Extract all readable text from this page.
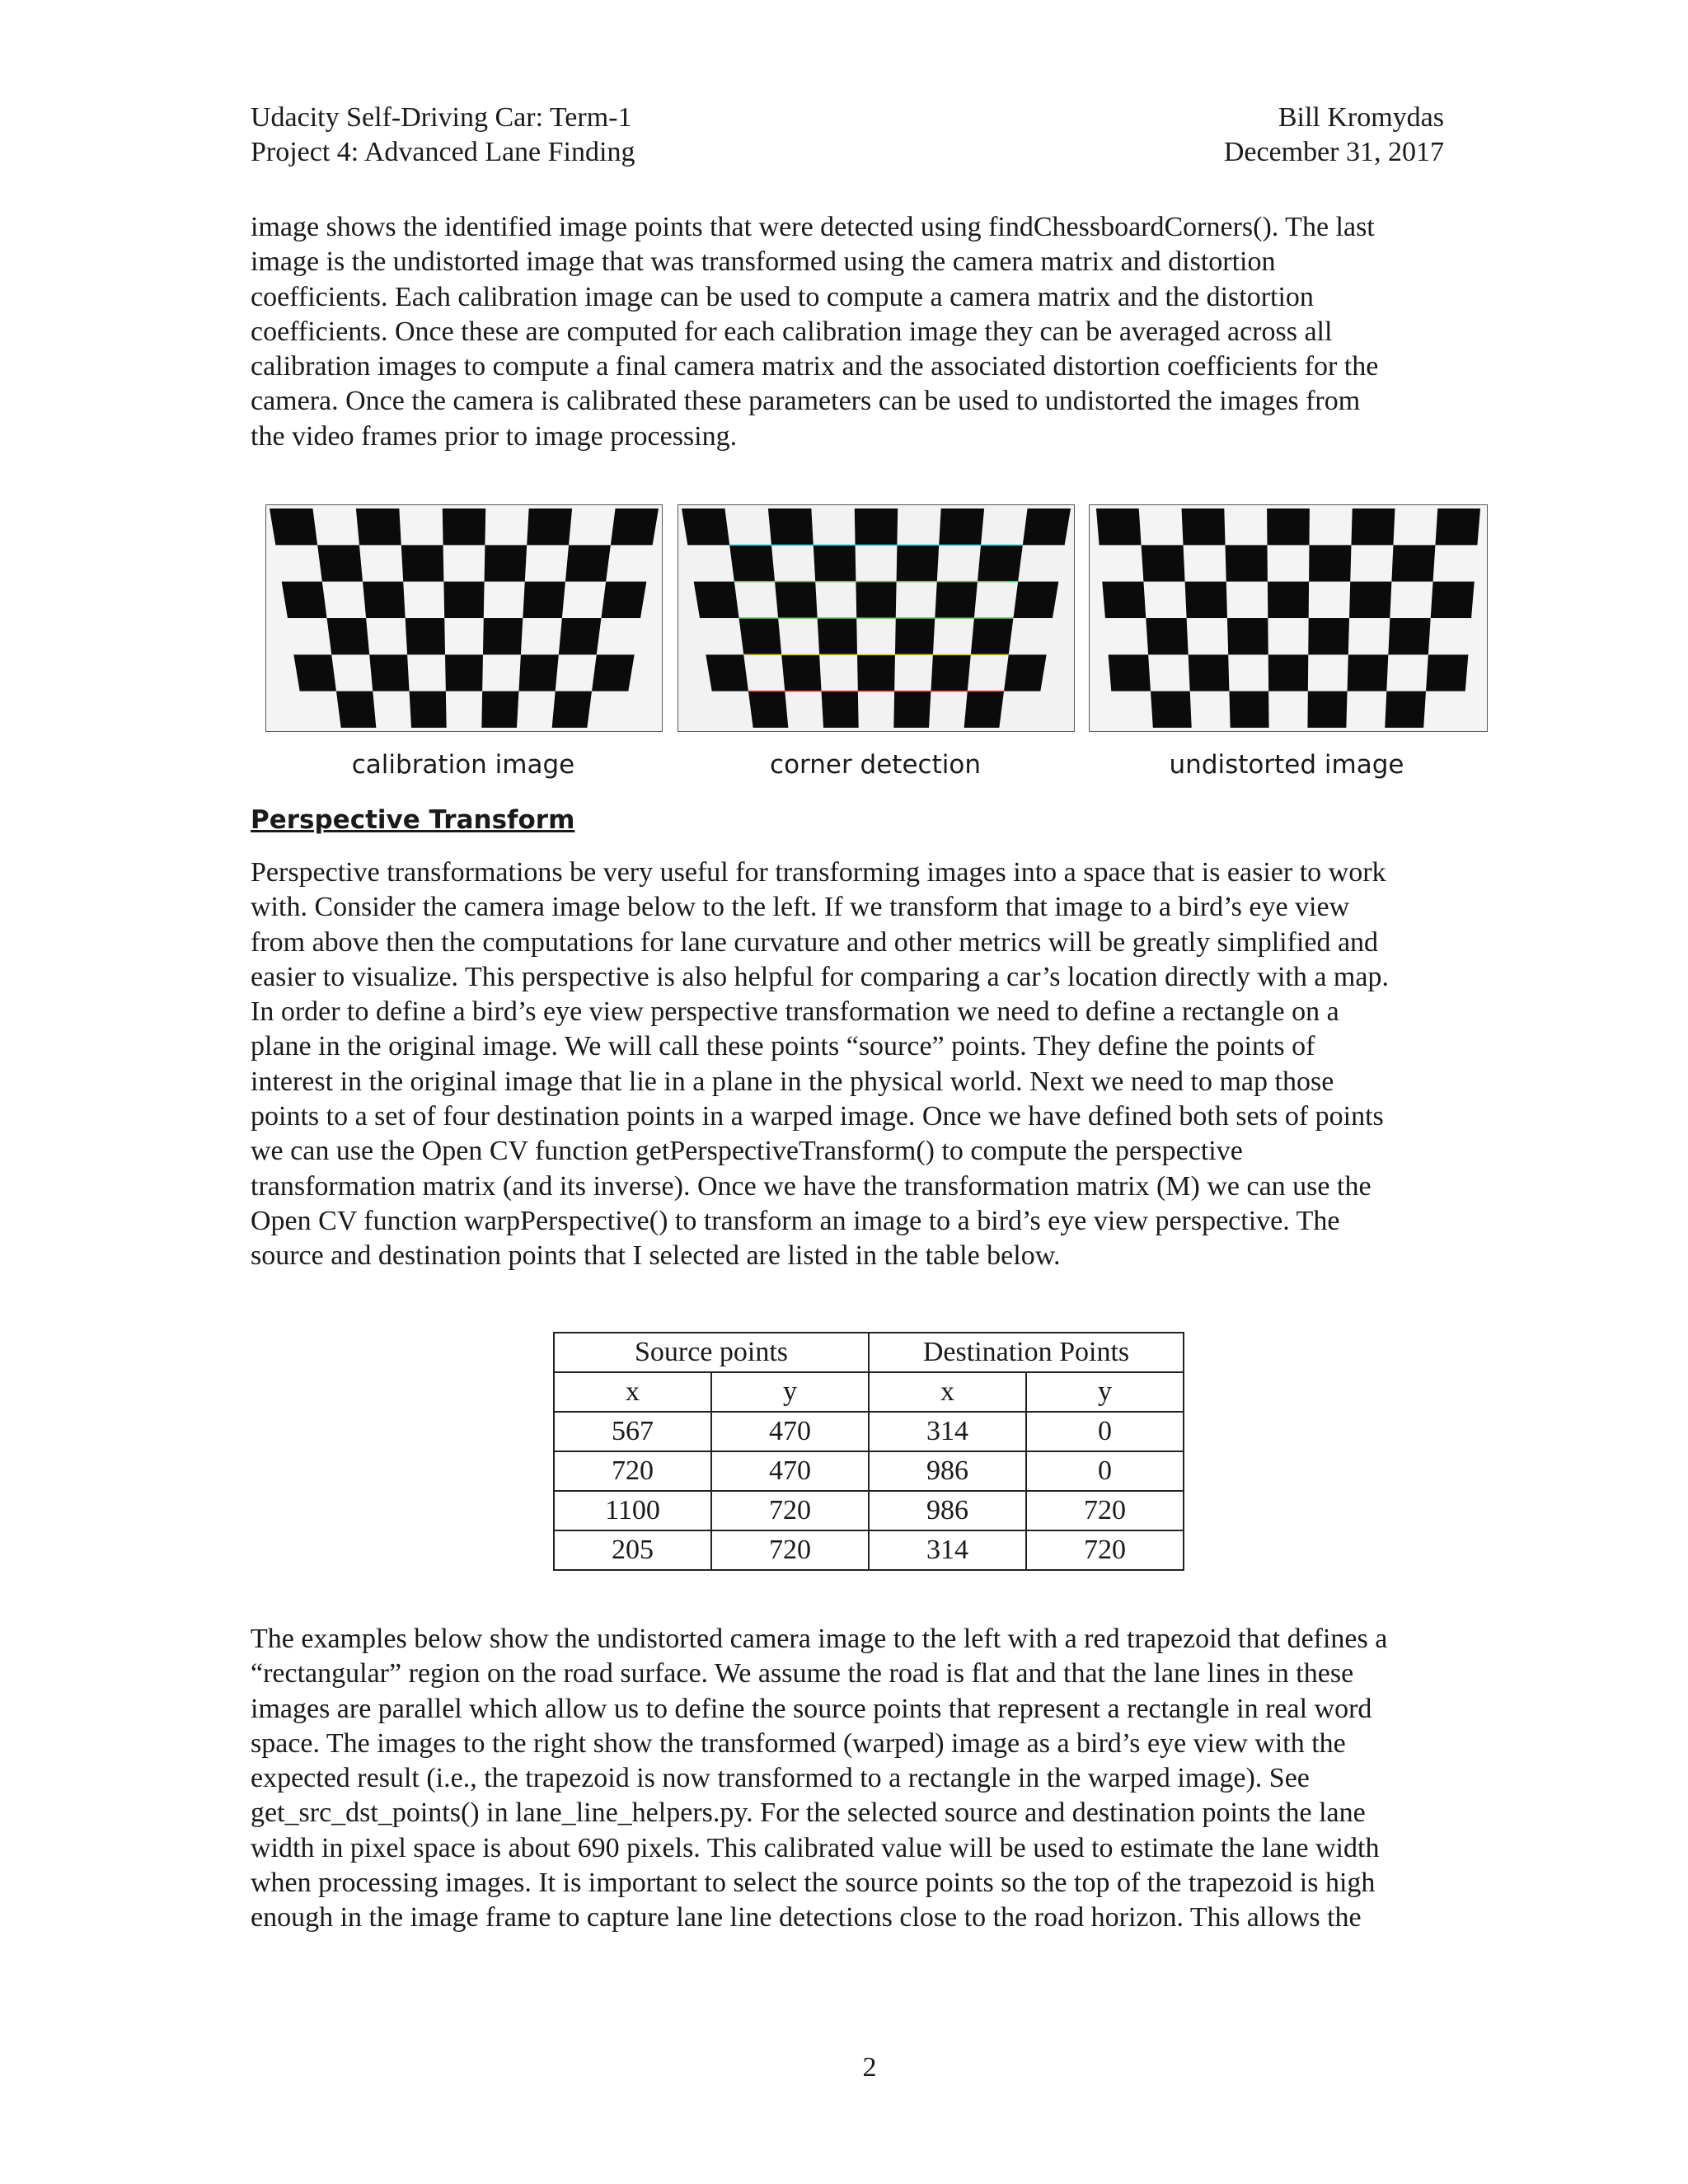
Udacity Self-Driving Car: Term-1
Project 4: Advanced Lane Finding
Bill Kromydas
December 31, 2017

image shows the identified image points that were detected using findChessboardCorners(). The last
image is the undistorted image that was transformed using the camera matrix and distortion
coefficients. Each calibration image can be used to compute a camera matrix and the distortion
coefficients. Once these are computed for each calibration image they can be averaged across all
calibration images to compute a final camera matrix and the associated distortion coefficients for the
camera. Once the camera is calibrated these parameters can be used to undistorted the images from
the video frames prior to image processing.

calibration image	corner detection	undistorted image
Perspective Transform

Perspective transformations be very useful for transforming images into a space that is easier to work
with. Consider the camera image below to the left. If we transform that image to a bird’s eye view
from above then the computations for lane curvature and other metrics will be greatly simplified and
easier to visualize. This perspective is also helpful for comparing a car’s location directly with a map.
In order to define a bird’s eye view perspective transformation we need to define a rectangle on a
plane in the original image. We will call these points “source” points. They define the points of
interest in the original image that lie in a plane in the physical world. Next we need to map those
points to a set of four destination points in a warped image. Once we have defined both sets of points
we can use the Open CV function getPerspectiveTransform() to compute the perspective
transformation matrix (and its inverse). Once we have the transformation matrix (M) we can use the
Open CV function warpPerspective() to transform an image to a bird’s eye view perspective. The
source and destination points that I selected are listed in the table below.

Source points		Destination Points	
x	y	x	y
567	470	314	0
720	470	986	0
1100	720	986	720
205	720	314	720

The examples below show the undistorted camera image to the left with a red trapezoid that defines a
“rectangular” region on the road surface. We assume the road is flat and that the lane lines in these
images are parallel which allow us to define the source points that represent a rectangle in real word
space. The images to the right show the transformed (warped) image as a bird’s eye view with the
expected result (i.e., the trapezoid is now transformed to a rectangle in the warped image). See
get_src_dst_points() in lane_line_helpers.py. For the selected source and destination points the lane
width in pixel space is about 690 pixels. This calibrated value will be used to estimate the lane width
when processing images. It is important to select the source points so the top of the trapezoid is high
enough in the image frame to capture lane line detections close to the road horizon. This allows the

2
